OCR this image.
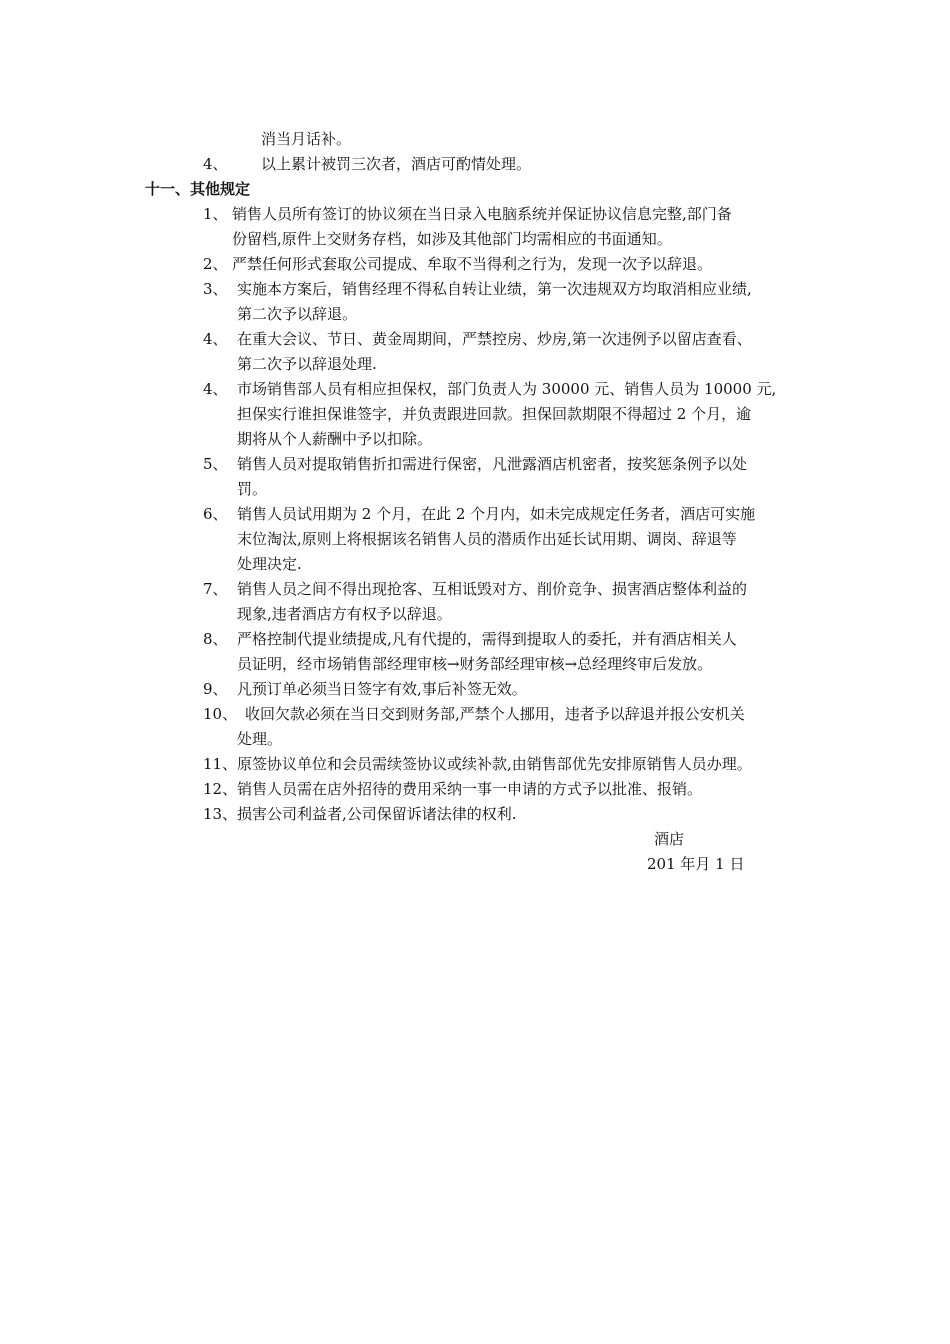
消当月话补。
4、 以上累计被罚三次者，酒店可酌情处理。
十一、其他规定
1、 销售人员所有签订的协议须在当日录入电脑系统并保证协议信息完整,部门备
份留档,原件上交财务存档，如涉及其他部门均需相应的书面通知。
2、 严禁任何形式套取公司提成、牟取不当得利之行为，发现一次予以辞退。
3、 实施本方案后，销售经理不得私自转让业绩，第一次违规双方均取消相应业绩,
第二次予以辞退。
4、 在重大会议、节日、黄金周期间，严禁控房、炒房,第一次违例予以留店查看、
第二次予以辞退处理.
4、 市场销售部人员有相应担保权，部门负责人为 30000 元、销售人员为 10000 元,
担保实行谁担保谁签字，并负责跟进回款。担保回款期限不得超过 2 个月，逾
期将从个人薪酬中予以扣除。
5、 销售人员对提取销售折扣需进行保密，凡泄露酒店机密者，按奖惩条例予以处
罚。
6、 销售人员试用期为 2 个月，在此 2 个月内，如未完成规定任务者，酒店可实施
末位淘汰,原则上将根据该名销售人员的潜质作出延长试用期、调岗、辞退等
处理决定.
7、 销售人员之间不得出现抢客、互相诋毁对方、削价竞争、损害酒店整体利益的
现象,违者酒店方有权予以辞退。
8、 严格控制代提业绩提成,凡有代提的，需得到提取人的委托，并有酒店相关人
员证明，经市场销售部经理审核→财务部经理审核→总经理终审后发放。
9、 凡预订单必须当日签字有效,事后补签无效。
10、 收回欠款必须在当日交到财务部,严禁个人挪用，违者予以辞退并报公安机关
处理。
11、 原签协议单位和会员需续签协议或续补款,由销售部优先安排原销售人员办理。
12、 销售人员需在店外招待的费用采纳一事一申请的方式予以批准、报销。
13、 损害公司利益者,公司保留诉诸法律的权利.
酒店
201 年月 1 日
